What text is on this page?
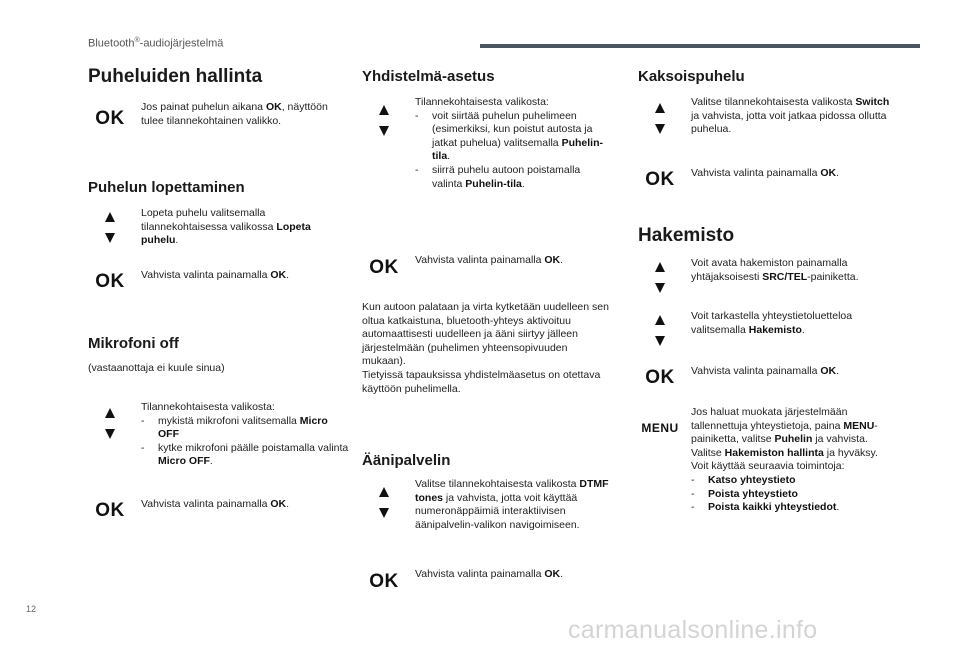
Bluetooth®-audiojärjestelmä
Puheluiden hallinta
OK
Jos painat puhelun aikana OK, näyttöön tulee tilannekohtainen valikko.
Puhelun lopettaminen
Lopeta puhelu valitsemalla tilannekohtaisessa valikossa Lopeta puhelu.
OK Vahvista valinta painamalla OK.
Mikrofoni off
(vastaanottaja ei kuule sinua)
Tilannekohtaisesta valikosta:
- mykistä mikrofoni valitsemalla Micro OFF
- kytke mikrofoni päälle poistamalla valinta Micro OFF.
OK Vahvista valinta painamalla OK.
Yhdistelmä-asetus
Tilannekohtaisesta valikosta:
- voit siirtää puhelun puhelimeen (esimerkiksi, kun poistut autosta ja jatkat puhelua) valitsemalla Puhelin-tila.
- siirrä puhelu autoon poistamalla valinta Puhelin-tila.
OK Vahvista valinta painamalla OK.
Kun autoon palataan ja virta kytketään uudelleen sen oltua katkaistuna, bluetooth-yhteys aktivoituu automaattisesti uudelleen ja ääni siirtyy jälleen järjestelmään (puhelimen yhteensopivuuden mukaan).
Tietyissä tapauksissa yhdistelmäasetus on otettava käyttöön puhelimella.
Äänipalvelin
Valitse tilannekohtaisesta valikosta DTMF tones ja vahvista, jotta voit käyttää numeronäppäimiä interaktiivisen äänipalvelin-valikon navigoimiseen.
OK Vahvista valinta painamalla OK.
Kaksoispuhelu
Valitse tilannekohtaisesta valikosta Switch ja vahvista, jotta voit jatkaa pidossa ollutta puhelua.
OK Vahvista valinta painamalla OK.
Hakemisto
Voit avata hakemiston painamalla yhtäjaksoisesti SRC/TEL-painiketta.
Voit tarkastella yhteystietoluetteloa valitsemalla Hakemisto.
OK Vahvista valinta painamalla OK.
MENU
Jos haluat muokata järjestelmään tallennettuja yhteystietoja, paina MENU-painiketta, valitse Puhelin ja vahvista.
Valitse Hakemiston hallinta ja hyväksy.
Voit käyttää seuraavia toimintoja:
- Katso yhteystieto
- Poista yhteystieto
- Poista kaikki yhteystiedot.
12
carmanualsonline.info
